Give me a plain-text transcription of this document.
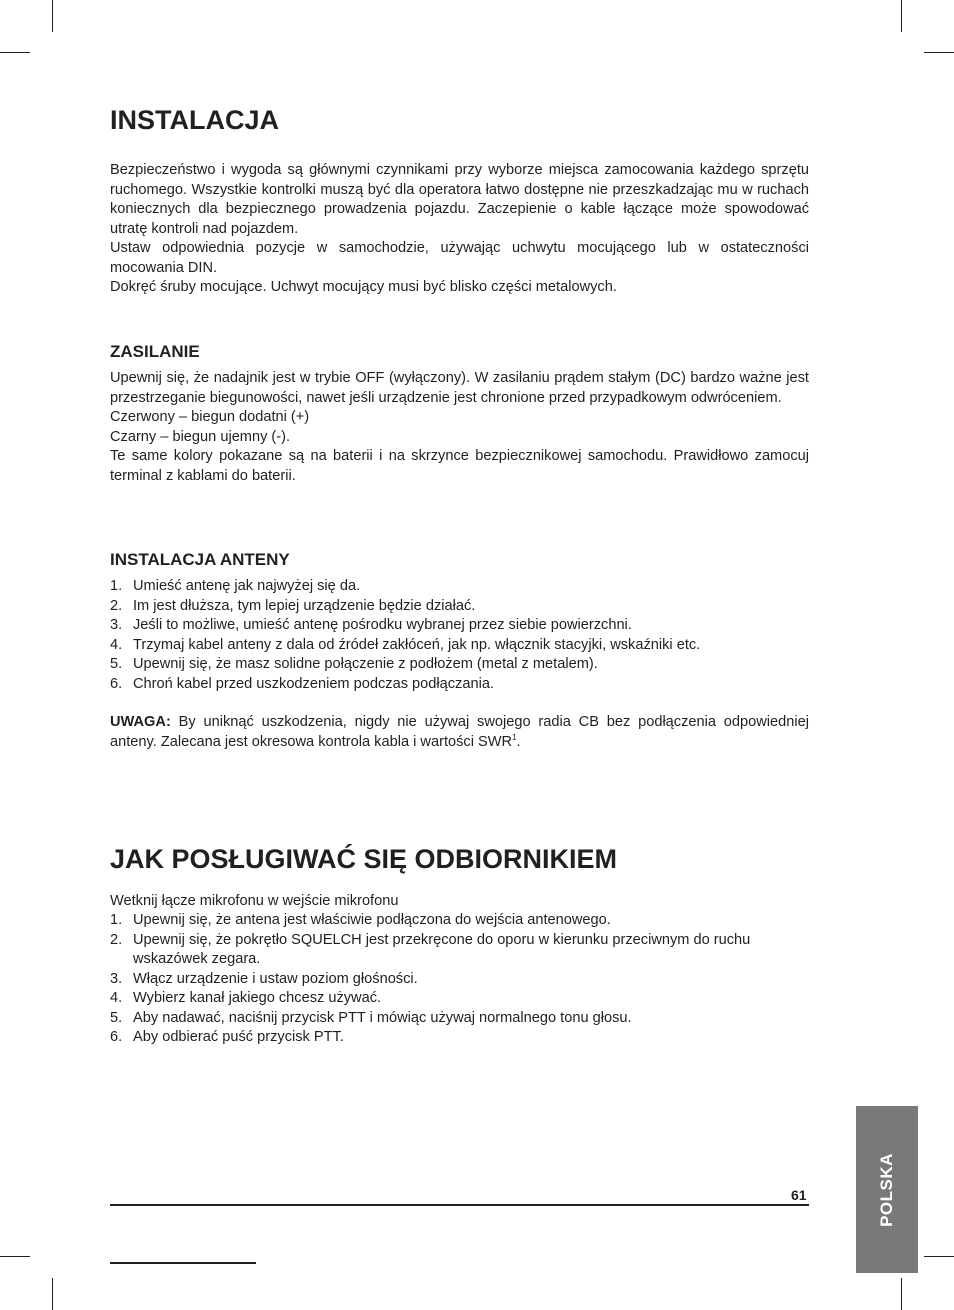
INSTALACJA

Bezpieczeństwo i wygoda są głównymi czynnikami przy wyborze miejsca zamocowania każdego sprzętu ruchomego. Wszystkie kontrolki muszą być dla operatora łatwo dostępne nie przeszkadzając mu w ruchach koniecznych dla bezpiecznego prowadzenia pojazdu. Zaczepienie o kable łączące może spowodować utratę kontroli nad pojazdem.

Ustaw odpowiednia pozycje w samochodzie, używając uchwytu mocującego lub w ostateczności mocowania DIN.

Dokręć śruby mocujące. Uchwyt mocujący musi być blisko części metalowych.

ZASILANIE

Upewnij się, że nadajnik jest w trybie OFF (wyłączony). W zasilaniu prądem stałym (DC) bardzo ważne jest przestrzeganie biegunowości, nawet jeśli urządzenie jest chronione przed przypadkowym odwróceniem.

Czerwony – biegun dodatni (+)

Czarny – biegun ujemny (-).

Te same kolory pokazane są na baterii i na skrzynce bezpiecznikowej samochodu. Prawidłowo zamocuj terminal z kablami do baterii.

INSTALACJA ANTENY
1. Umieść antenę jak najwyżej się da.
2. Im jest dłuższa, tym lepiej urządzenie będzie działać.
3. Jeśli to możliwe, umieść antenę pośrodku wybranej przez siebie powierzchni.
4. Trzymaj kabel anteny z dala od źródeł zakłóceń, jak np. włącznik stacyjki, wskaźniki etc.
5. Upewnij się, że masz solidne połączenie z podłożem (metal z metalem).
6. Chroń kabel przed uszkodzeniem podczas podłączania.
UWAGA: By uniknąć uszkodzenia, nigdy nie używaj swojego radia CB bez podłączenia odpowiedniej anteny. Zalecana jest okresowa kontrola kabla i wartości SWR$^1$.
JAK POSŁUGIWAĆ SIĘ ODBIORNIKIEM
Wetknij łącze mikrofonu w wejście mikrofonu
1. Upewnij się, że antena jest właściwie podłączona do wejścia antenowego.
2. Upewnij się, że pokrętło SQUELCH jest przekręcone do oporu w kierunku przeciwnym do ruchu wskazówek zegara.
3. Włącz urządzenie i ustaw poziom głośności.
4. Wybierz kanał jakiego chcesz używać.
5. Aby nadawać, naciśnij przycisk PTT i mówiąc używaj normalnego tonu głosu.
6. Aby odbierać puść przycisk PTT.
61	POLSKA
